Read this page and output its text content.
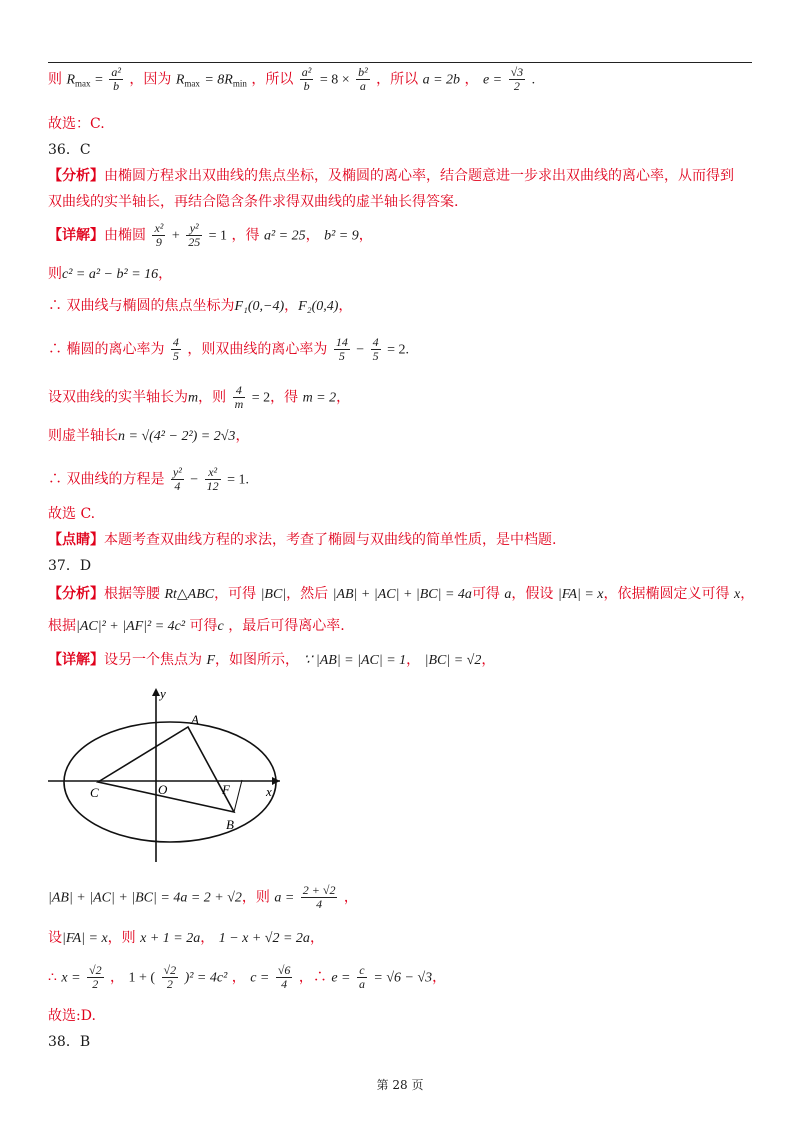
则 $R_{max} = \frac{\text{a²}}{b}$ ，因为 $R_{max} = 8R_{min}$ ，所以 $\frac{\text{a²}}{b} = 8 \times \frac{\text{b²}}{a}$ ，所以 a = 2b ， $e = \frac{√3}{2}$ .
故选：C.
36．C
【分析】由椭圆方程求出双曲线的焦点坐标，及椭圆的离心率，结合题意进一步求出双曲线的离心率，从而得到
双曲线的实半轴长，再结合隐含条件求得双曲线的虚半轴长得答案.
【详解】由椭圆 $\frac{\text{x²}}{9} + \frac{\text{y²}}{25} = 1$ ，得 a² = 25， b² = 9，
则c² = a² − b² = 16，
∴ 双曲线与椭圆的焦点坐标为F₁(0,−4)，F₂(0,4)，
∴ 椭圆的离心率为 $\frac{4}{5}$ ，则双曲线的离心率为 $\frac{14}{5} - \frac{4}{5} = 2$.
设双曲线的实半轴长为m，则 $\frac{4}{m} = 2$，得 m = 2，
则虚半轴长n = √(4² − 2²) = 2√3，
∴ 双曲线的方程是 $\frac{\text{y²}}{4} - \frac{\text{x²}}{12} = 1$.
故选 C.
【点睛】本题考查双曲线方程的求法，考查了椭圆与双曲线的简单性质，是中档题.
37．D
【分析】根据等腰 Rt△ABC，可得 |BC|，然后 |AB| + |AC| + |BC| = 4a可得 a，假设 |FA| = x，依据椭圆定义可得 x，
根据|AC|² + |AF|² = 4c² 可得c ，最后可得离心率.
【详解】设另一个焦点为 F，如图所示， ∵ |AB| = |AC| = 1， |BC| = √2，
y
x
A
B
C	O	F
|AB| + |AC| + |BC| = 4a = 2 + √2，则 $a = \frac{2 + √2}{4}$ ，
设|FA| = x，则 x + 1 = 2a， 1 − x + √2 = 2a，
∴ $x = \frac{√2}{2}$ ， 1 + ( $\frac{√2}{2} )^2 = 4c^2$ ， $c = \frac{√6}{4}$ ，∴ $e = \frac{c}{a} = √6 - √3$，
故选:D.
38．B
第 28 页
